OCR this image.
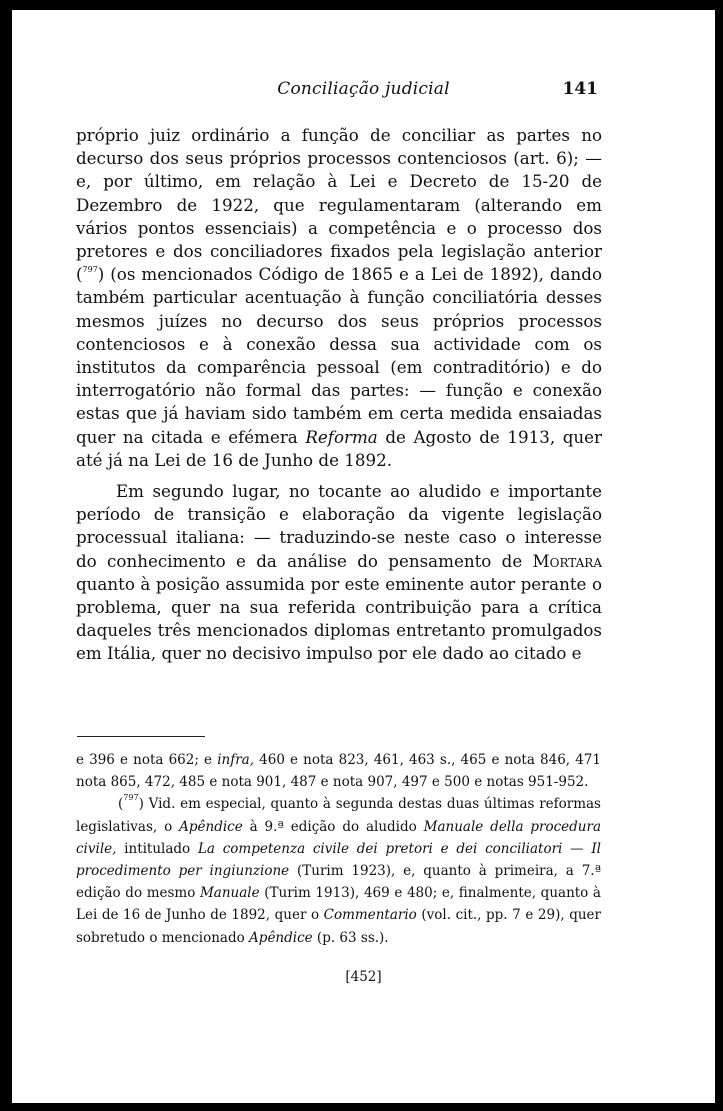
Conciliação judicial	141

próprio juiz ordinário a função de conciliar as partes no decurso dos seus próprios processos contenciosos (art. 6); — e, por último, em relação à Lei e Decreto de 15-20 de Dezembro de 1922, que regulamentaram (alterando em vários pontos essenciais) a competência e o processo dos pretores e dos conciliadores fixados pela legislação anterior ($^{797}$) (os mencionados Código de 1865 e a Lei de 1892), dando também particular acentuação à função conciliatória desses mesmos juízes no decurso dos seus próprios processos contenciosos e à conexão dessa sua actividade com os institutos da comparência pessoal (em contraditório) e do interrogatório não formal das partes: — função e conexão estas que já haviam sido também em certa medida ensaiadas quer na citada e efémera Reforma de Agosto de 1913, quer até já na Lei de 16 de Junho de 1892.

Em segundo lugar, no tocante ao aludido e importante período de transição e elaboração da vigente legislação processual italiana: — traduzindo-se neste caso o interesse do conhecimento e da análise do pensamento de Mortara quanto à posição assumida por este eminente autor perante o problema, quer na sua referida contribuição para a crítica daqueles três mencionados diplomas entretanto promulgados em Itália, quer no decisivo impulso por ele dado ao citado e

e 396 e nota 662; e infra, 460 e nota 823, 461, 463 s., 465 e nota 846, 471 nota 865, 472, 485 e nota 901, 487 e nota 907, 497 e 500 e notas 951-952.

($^{797}$) Vid. em especial, quanto à segunda destas duas últimas reformas legislativas, o Apêndice à 9.ª edição do aludido Manuale della procedura civile, intitulado La competenza civile dei pretori e dei conciliatori — Il procedimento per ingiunzione (Turim 1923), e, quanto à primeira, a 7.ª edição do mesmo Manuale (Turim 1913), 469 e 480; e, finalmente, quanto à Lei de 16 de Junho de 1892, quer o Commentario (vol. cit., pp. 7 e 29), quer sobretudo o mencionado Apêndice (p. 63 ss.).

[452]
